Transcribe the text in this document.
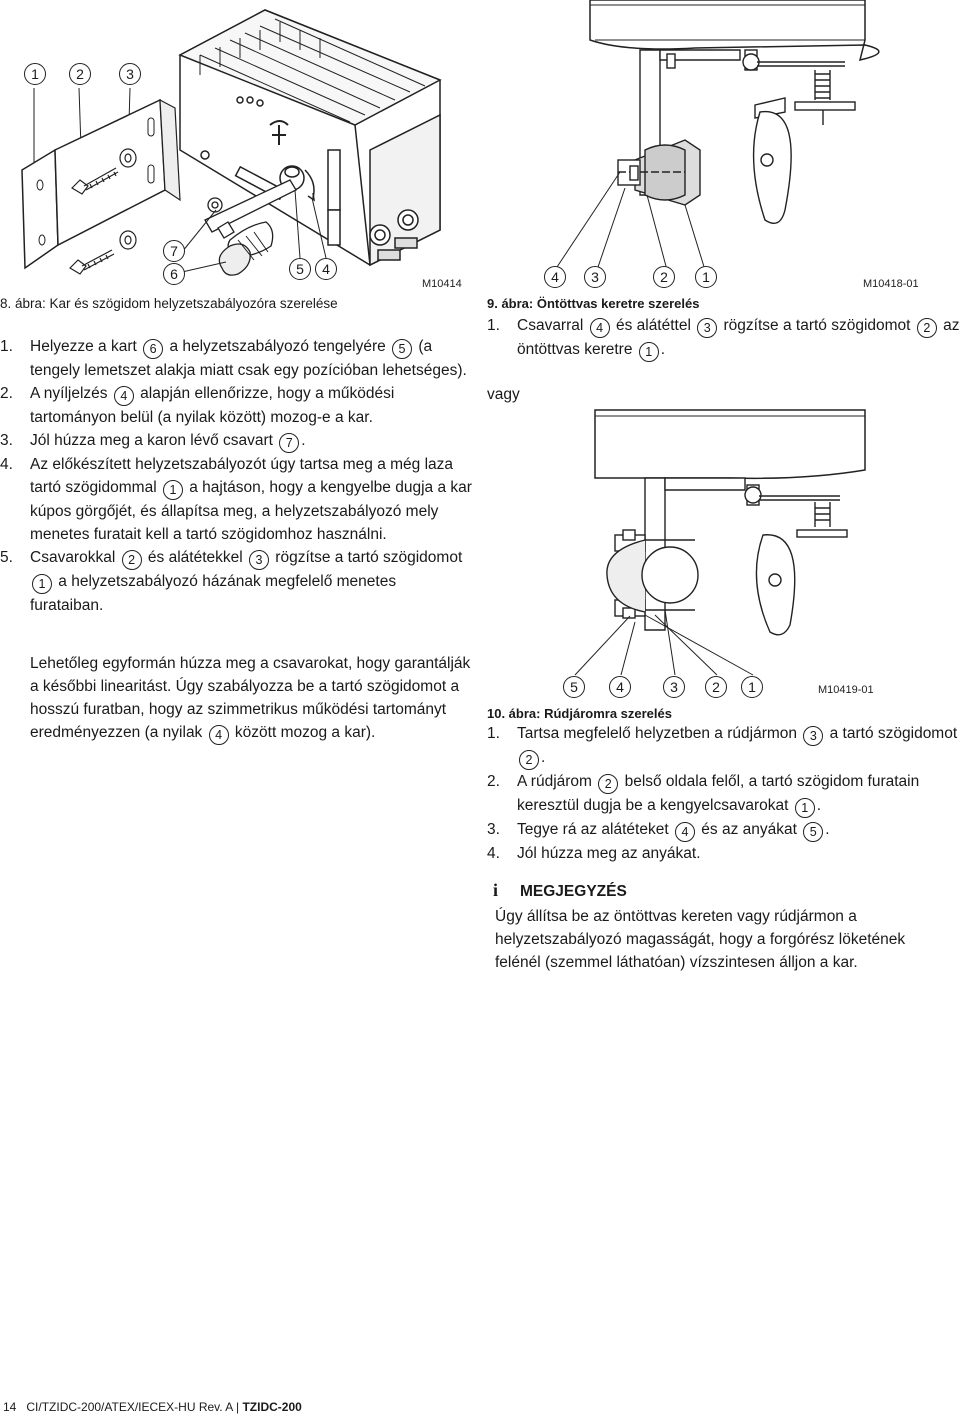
1	2	3
7
6	5	4
M10414
8. ábra: Kar és szögidom helyzetszabályozóra szerelése
1.	Helyezze a kart 6 a helyzetszabályozó tengelyére 5 (a tengely lemetszet alakja miatt csak egy pozícióban lehetséges).
2.	A nyíljelzés 4 alapján ellenőrizze, hogy a működési tartományon belül (a nyilak között) mozog-e a kar.
3.	Jól húzza meg a karon lévő csavart 7 .
4.	Az előkészített helyzetszabályozót úgy tartsa meg a még laza tartó szögidommal 1 a hajtáson, hogy a kengyelbe dugja a kar kúpos görgőjét, és állapítsa meg, a helyzetszabályozó mely menetes furatait kell a tartó szögidomhoz használni.
5.	Csavarokkal 2 és alátétekkel 3 rögzítse a tartó szögidomot 1 a helyzetszabályozó házának megfelelő menetes furataiban.
Lehetőleg egyformán húzza meg a csavarokat, hogy garantálják a későbbi linearitást. Úgy szabályozza be a tartó szögidomot a hosszú furatban, hogy az szimmetrikus működési tartományt eredményezzen (a nyilak 4 között mozog a kar).
4	3	2	1	M10418-01
9. ábra: Öntöttvas keretre szerelés
1.	Csavarral 4 és alátéttel 3 rögzítse a tartó szögidomot 2 az öntöttvas keretre 1 .
vagy
5	4	3	2	1	M10419-01
10. ábra: Rúdjáromra szerelés
1.	Tartsa megfelelő helyzetben a rúdjármon 3 a tartó szögidomot 2 .
2.	A rúdjárom 2 belső oldala felől, a tartó szögidom furatain keresztül dugja be a kengyelcsavarokat 1 .
3.	Tegye rá az alátéteket 4 és az anyákat 5 .
4.	Jól húzza meg az anyákat.
i MEGJEGYZÉS
Úgy állítsa be az öntöttvas kereten vagy rúdjármon a helyzetszabályozó magasságát, hogy a forgórész löketének felénél (szemmel láthatóan) vízszintesen álljon a kar.
14 CI/TZIDC-200/ATEX/IECEX-HU Rev. A | TZIDC-200
